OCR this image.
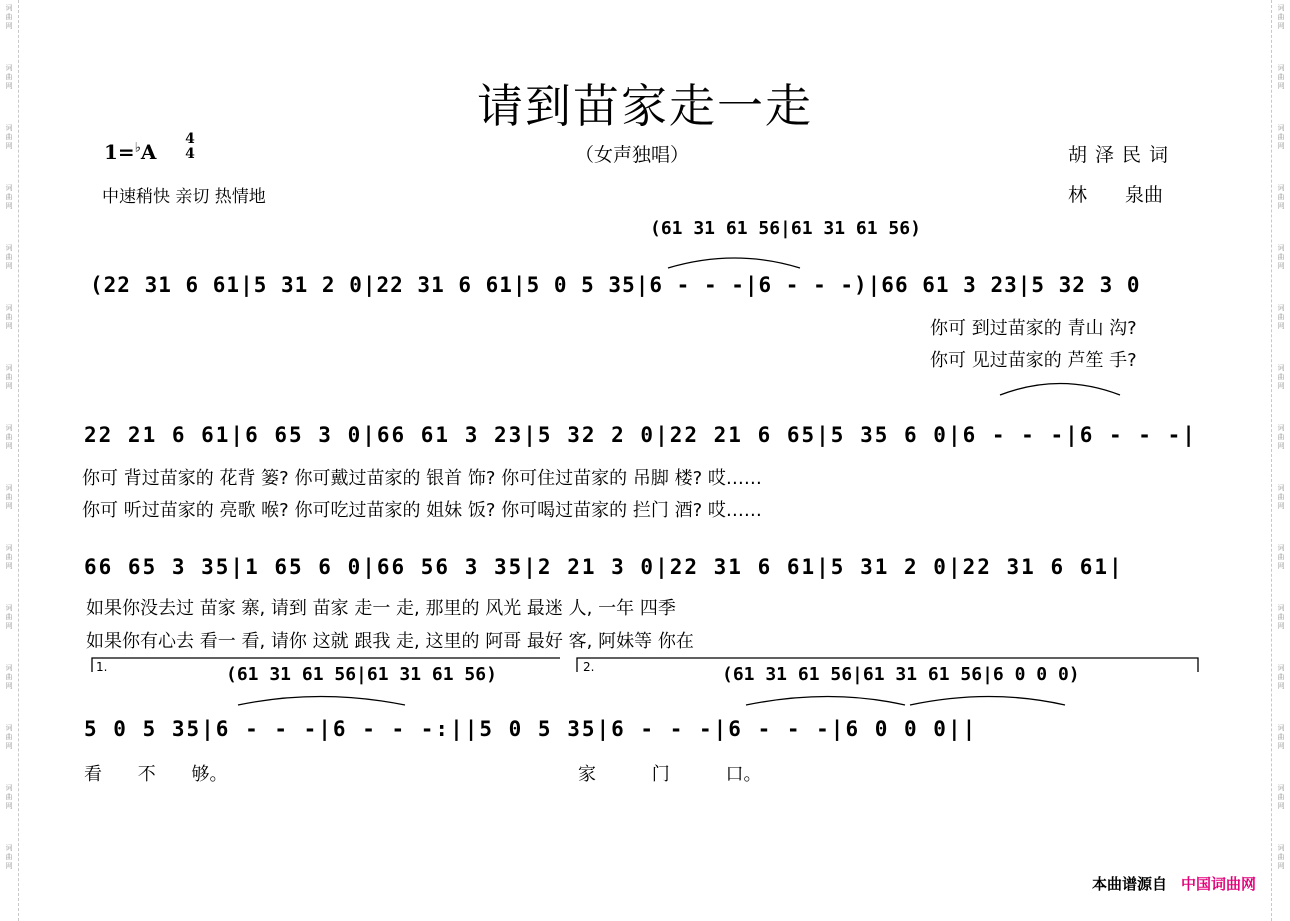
词
曲
网
词
曲
网
词
曲
网
词
曲
网
词
曲
网
词
曲
网
词
曲
网
词
曲
网
词
曲
网
词
曲
网
词
曲
网
词
曲
网
词
曲
网
词
曲
网
词
曲
网
词
曲
网
词
曲
网
词
曲
网
词
曲
网
词
曲
网
词
曲
网
词
曲
网
词
曲
网
词
曲
网
词
曲
网
词
曲
网
词
曲
网
词
曲
网
词
曲
网
词
曲
网
请到苗家走一走
（女声独唱）
1=♭A
4
4
中速稍快 亲切 热情地
胡泽民词
林 泉曲
(61 31 61 56|61 31 61 56)
(22 31 6 61|5 31 2 0|22 31 6 61|5 0 5 35|6 - - -|6 - - -)|66 61 3 23|5 32 3 0
你可 到过苗家的 青山 沟?
你可 见过苗家的 芦笙 手?
22 21 6 61|6 65 3 0|66 61 3 23|5 32 2 0|22 21 6 65|5 35 6 0|6 - - -|6 - - -|
你可 背过苗家的 花背 篓? 你可戴过苗家的 银首 饰? 你可住过苗家的 吊脚 楼? 哎……
你可 听过苗家的 亮歌 喉? 你可吃过苗家的 姐妹 饭? 你可喝过苗家的 拦门 酒? 哎……
66 65 3 35|1 65 6 0|66 56 3 35|2 21 3 0|22 31 6 61|5 31 2 0|22 31 6 61|
如果你没去过 苗家 寨, 请到 苗家 走一 走, 那里的 风光 最迷 人, 一年 四季
如果你有心去 看一 看, 请你 这就 跟我 走, 这里的 阿哥 最好 客, 阿妹等 你在
1.	2.
(61 31 61 56|61 31 61 56)	(61 31 61 56|61 31 61 56|6 0 0 0)
5 0 5 35|6 - - -|6 - - -:||5 0 5 35|6 - - -|6 - - -|6 0 0 0||
看 不 够。	家 门 口。
本曲谱源自 中国词曲网
